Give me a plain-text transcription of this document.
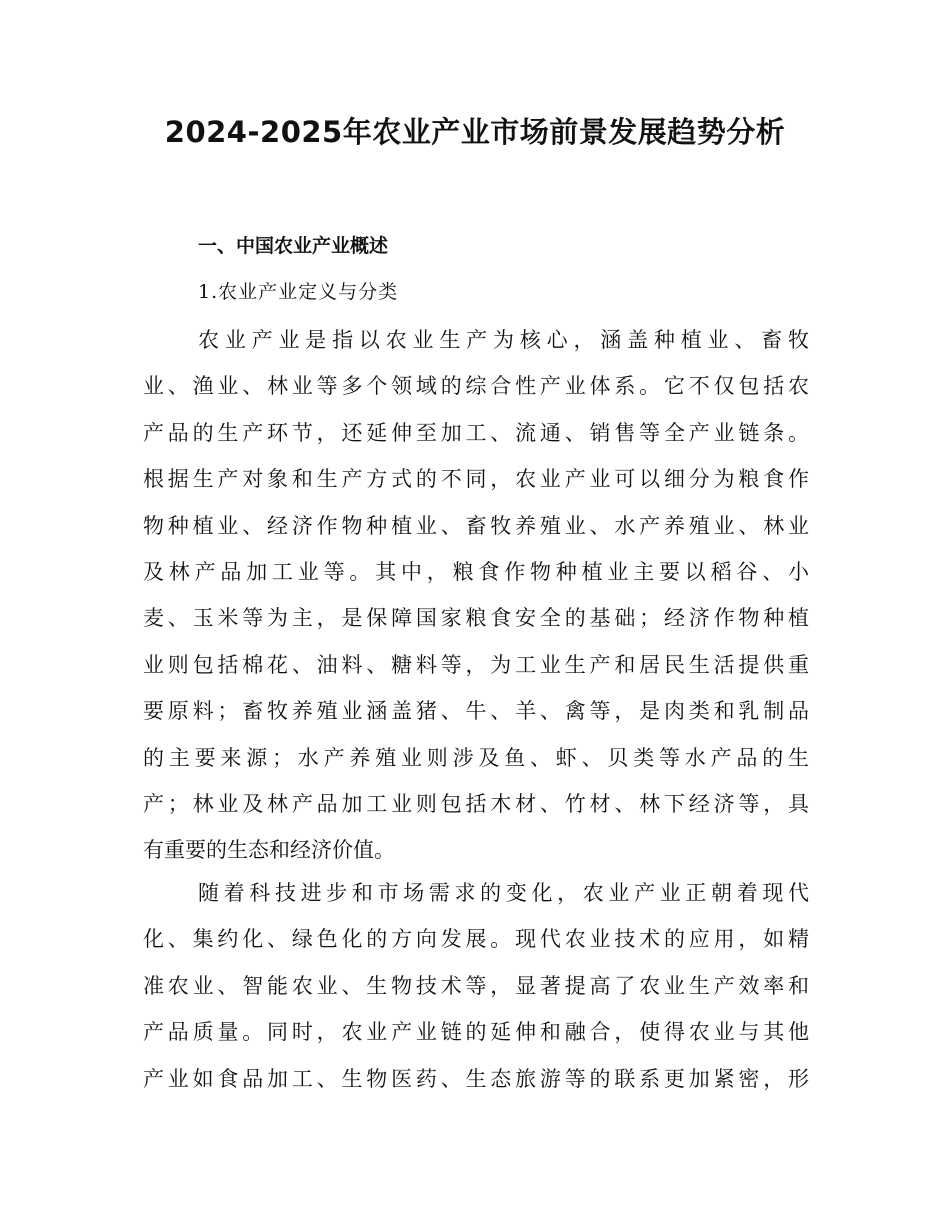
2024-2025年农业产业市场前景发展趋势分析
一、中国农业产业概述
1.农业产业定义与分类
农业产业是指以农业生产为核心，涵盖种植业、畜牧
业、渔业、林业等多个领域的综合性产业体系。它不仅包括农
产品的生产环节，还延伸至加工、流通、销售等全产业链条。
根据生产对象和生产方式的不同，农业产业可以细分为粮食作
物种植业、经济作物种植业、畜牧养殖业、水产养殖业、林业
及林产品加工业等。其中，粮食作物种植业主要以稻谷、小
麦、玉米等为主，是保障国家粮食安全的基础；经济作物种植
业则包括棉花、油料、糖料等，为工业生产和居民生活提供重
要原料；畜牧养殖业涵盖猪、牛、羊、禽等，是肉类和乳制品
的主要来源；水产养殖业则涉及鱼、虾、贝类等水产品的生
产；林业及林产品加工业则包括木材、竹材、林下经济等，具
有重要的生态和经济价值。
随着科技进步和市场需求的变化，农业产业正朝着现代
化、集约化、绿色化的方向发展。现代农业技术的应用，如精
准农业、智能农业、生物技术等，显著提高了农业生产效率和
产品质量。同时，农业产业链的延伸和融合，使得农业与其他
产业如食品加工、生物医药、生态旅游等的联系更加紧密，形
